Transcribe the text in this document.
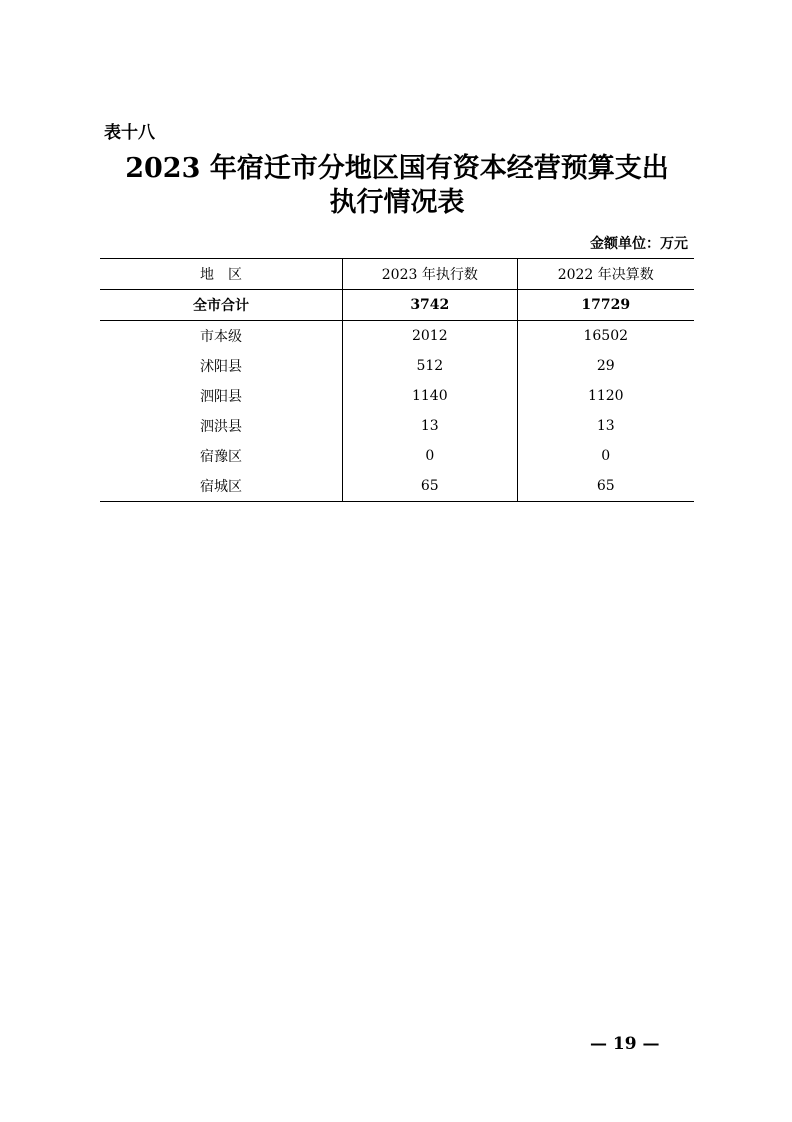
表十八
2023 年宿迁市分地区国有资本经营预算支出
执行情况表
金额单位：万元
地　区	2023 年执行数	2022 年决算数
全市合计	3742	17729
市本级	2012	16502
沭阳县	512	29
泗阳县	1140	1120
泗洪县	13	13
宿豫区	0	0
宿城区	65	65
— 19 —
